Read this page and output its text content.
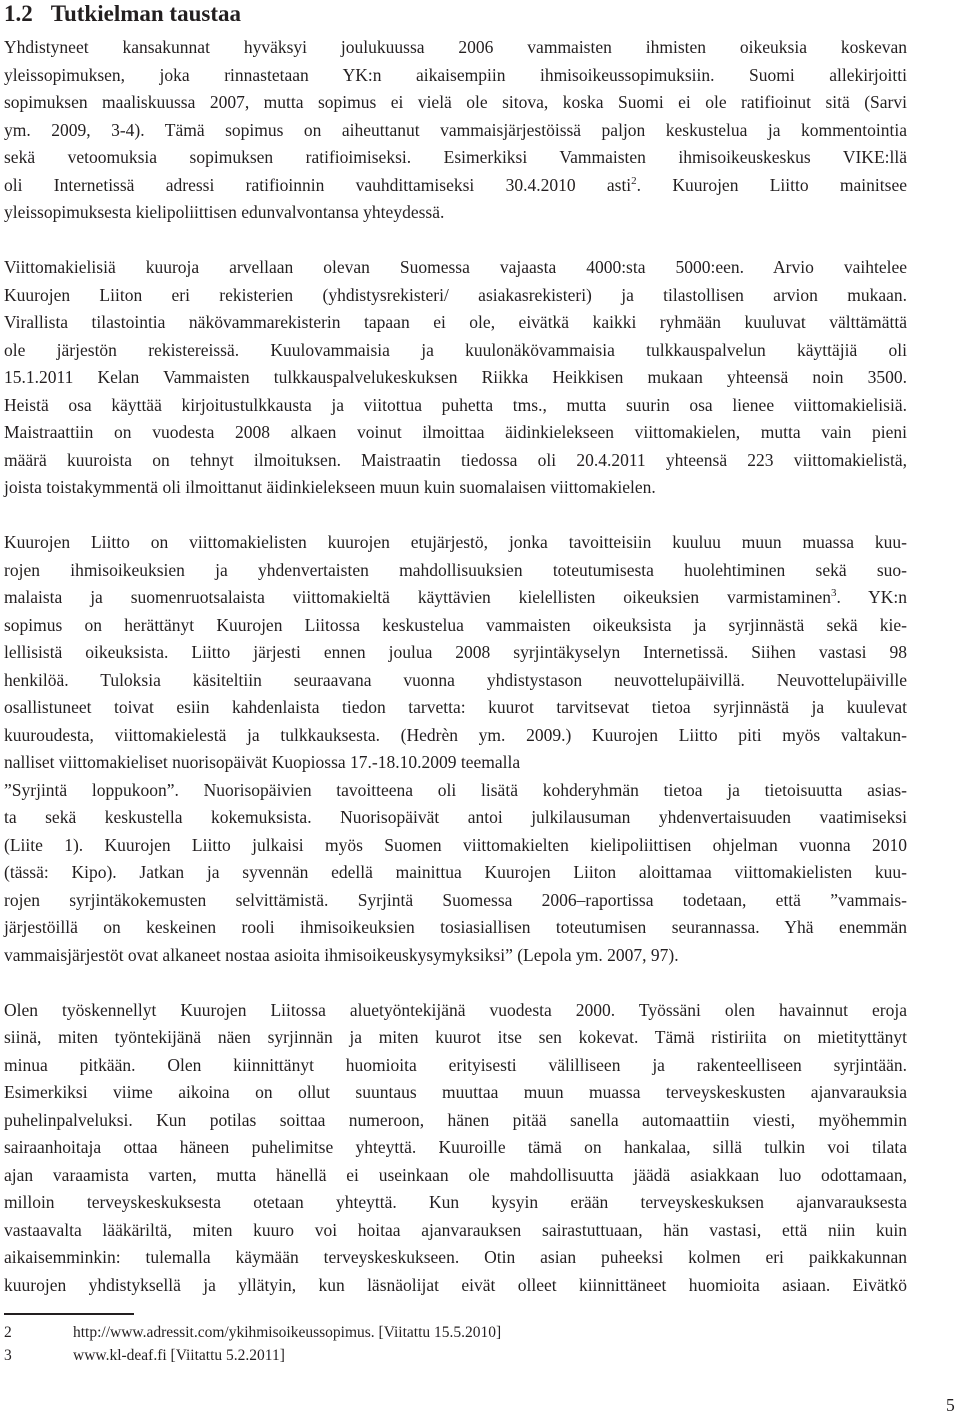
1.2 Tutkielman taustaa
Yhdistyneet kansakunnat hyväksyi joulukuussa 2006 vammaisten ihmisten oikeuksia koskevan
yleissopimuksen, joka rinnastetaan YK:n aikaisempiin ihmisoikeussopimuksiin. Suomi allekirjoitti
sopimuksen maaliskuussa 2007, mutta sopimus ei vielä ole sitova, koska Suomi ei ole ratifioinut sitä (Sarvi
ym. 2009, 3-4). Tämä sopimus on aiheuttanut vammaisjärjestöissä paljon keskustelua ja kommentointia
sekä vetoomuksia sopimuksen ratifioimiseksi. Esimerkiksi Vammaisten ihmisoikeuskeskus VIKE:llä
oli Internetissä adressi ratifioinnin vauhdittamiseksi 30.4.2010 asti$^2$. Kuurojen Liitto mainitsee
yleissopimuksesta kielipoliittisen edunvalvontansa yhteydessä.
Viittomakielisiä kuuroja arvellaan olevan Suomessa vajaasta 4000:sta 5000:een. Arvio vaihtelee
Kuurojen Liiton eri rekisterien (yhdistysrekisteri/ asiakasrekisteri) ja tilastollisen arvion mukaan.
Virallista tilastointia näkövammarekisterin tapaan ei ole, eivätkä kaikki ryhmään kuuluvat välttämättä
ole järjestön rekistereissä. Kuulovammaisia ja kuulonäkövammaisia tulkkauspalvelun käyttäjiä oli
15.1.2011 Kelan Vammaisten tulkkauspalvelukeskuksen Riikka Heikkisen mukaan yhteensä noin 3500.
Heistä osa käyttää kirjoitustulkkausta ja viitottua puhetta tms., mutta suurin osa lienee viittomakielisiä.
Maistraattiin on vuodesta 2008 alkaen voinut ilmoittaa äidinkielekseen viittomakielen, mutta vain pieni
määrä kuuroista on tehnyt ilmoituksen. Maistraatin tiedossa oli 20.4.2011 yhteensä 223 viittomakielistä,
joista toistakymmentä oli ilmoittanut äidinkielekseen muun kuin suomalaisen viittomakielen.
Kuurojen Liitto on viittomakielisten kuurojen etujärjestö, jonka tavoitteisiin kuuluu muun muassa kuu-
rojen ihmisoikeuksien ja yhdenvertaisten mahdollisuuksien toteutumisesta huolehtiminen sekä suo-
malaista ja suomenruotsalaista viittomakieltä käyttävien kielellisten oikeuksien varmistaminen$^3$. YK:n
sopimus on herättänyt Kuurojen Liitossa keskustelua vammaisten oikeuksista ja syrjinnästä sekä kie-
lellisistä oikeuksista. Liitto järjesti ennen joulua 2008 syrjintäkyselyn Internetissä. Siihen vastasi 98
henkilöä. Tuloksia käsiteltiin seuraavana vuonna yhdistystason neuvottelupäivillä. Neuvottelupäiville
osallistuneet toivat esiin kahdenlaista tiedon tarvetta: kuurot tarvitsevat tietoa syrjinnästä ja kuulevat
kuuroudesta, viittomakielestä ja tulkkauksesta. (Hedrèn ym. 2009.) Kuurojen Liitto piti myös valtakun-
nalliset viittomakieliset nuorisopäivät Kuopiossa 17.-18.10.2009 teemalla
”Syrjintä loppukoon”. Nuorisopäivien tavoitteena oli lisätä kohderyhmän tietoa ja tietoisuutta asias-
ta sekä keskustella kokemuksista. Nuorisopäivät antoi julkilausuman yhdenvertaisuuden vaatimiseksi
(Liite 1). Kuurojen Liitto julkaisi myös Suomen viittomakielten kielipoliittisen ohjelman vuonna 2010
(tässä: Kipo). Jatkan ja syvennän edellä mainittua Kuurojen Liiton aloittamaa viittomakielisten kuu-
rojen syrjintäkokemusten selvittämistä. Syrjintä Suomessa 2006–raportissa todetaan, että ”vammais-
järjestöillä on keskeinen rooli ihmisoikeuksien tosiasiallisen toteutumisen seurannassa. Yhä enemmän
vammaisjärjestöt ovat alkaneet nostaa asioita ihmisoikeuskysymyksiksi” (Lepola ym. 2007, 97).
Olen työskennellyt Kuurojen Liitossa aluetyöntekijänä vuodesta 2000. Työssäni olen havainnut eroja
siinä, miten työntekijänä näen syrjinnän ja miten kuurot itse sen kokevat. Tämä ristiriita on mietityttänyt
minua pitkään. Olen kiinnittänyt huomioita erityisesti välilliseen ja rakenteelliseen syrjintään.
Esimerkiksi viime aikoina on ollut suuntaus muuttaa muun muassa terveyskeskusten ajanvarauksia
puhelinpalveluksi. Kun potilas soittaa numeroon, hänen pitää sanella automaattiin viesti, myöhemmin
sairaanhoitaja ottaa häneen puhelimitse yhteyttä. Kuuroille tämä on hankalaa, sillä tulkin voi tilata
ajan varaamista varten, mutta hänellä ei useinkaan ole mahdollisuutta jäädä asiakkaan luo odottamaan,
milloin terveyskeskuksesta otetaan yhteyttä. Kun kysyin erään terveyskeskuksen ajanvarauksesta
vastaavalta lääkäriltä, miten kuuro voi hoitaa ajanvarauksen sairastuttuaan, hän vastasi, että niin kuin
aikaisemminkin: tulemalla käymään terveyskeskukseen. Otin asian puheeksi kolmen eri paikkakunnan
kuurojen yhdistyksellä ja yllätyin, kun läsnäolijat eivät olleet kiinnittäneet huomioita asiaan. Eivätkö
2	http://www.adressit.com/ykihmisoikeussopimus. [Viitattu 15.5.2010]
3	www.kl-deaf.fi [Viitattu 5.2.2011]
5
